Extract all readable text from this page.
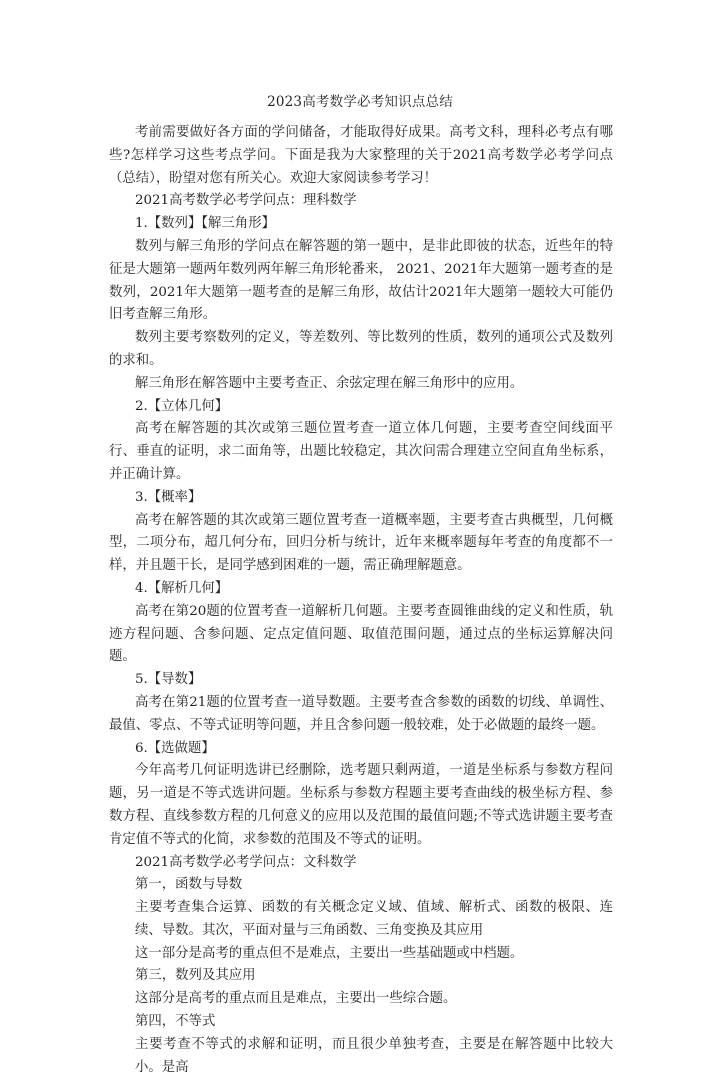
2023高考数学必考知识点总结

考前需要做好各方面的学问储备，才能取得好成果。高考文科，理科必考点有哪些?怎样学习这些考点学问。下面是我为大家整理的关于2021高考数学必考学问点（总结），盼望对您有所关心。欢迎大家阅读参考学习！

2021高考数学必考学问点：理科数学

1.【数列】【解三角形】

数列与解三角形的学问点在解答题的第一题中，是非此即彼的状态，近些年的特征是大题第一题两年数列两年解三角形轮番来， 2021、2021年大题第一题考查的是数列，2021年大题第一题考查的是解三角形，故估计2021年大题第一题较大可能仍旧考查解三角形。

数列主要考察数列的定义，等差数列、等比数列的性质，数列的通项公式及数列的求和。

解三角形在解答题中主要考查正、余弦定理在解三角形中的应用。

2.【立体几何】

高考在解答题的其次或第三题位置考查一道立体几何题，主要考查空间线面平行、垂直的证明，求二面角等，出题比较稳定，其次问需合理建立空间直角坐标系，并正确计算。

3.【概率】

高考在解答题的其次或第三题位置考查一道概率题，主要考查古典概型，几何概型，二项分布，超几何分布，回归分析与统计，近年来概率题每年考查的角度都不一样，并且题干长，是同学感到困难的一题，需正确理解题意。

4.【解析几何】

高考在第20题的位置考查一道解析几何题。主要考查圆锥曲线的定义和性质，轨迹方程问题、含参问题、定点定值问题、取值范围问题，通过点的坐标运算解决问题。

5.【导数】

高考在第21题的位置考查一道导数题。主要考查含参数的函数的切线、单调性、最值、零点、不等式证明等问题，并且含参问题一般较难，处于必做题的最终一题。

6.【选做题】

今年高考几何证明选讲已经删除，选考题只剩两道，一道是坐标系与参数方程问题，另一道是不等式选讲问题。坐标系与参数方程题主要考查曲线的极坐标方程、参数方程、直线参数方程的几何意义的应用以及范围的最值问题;不等式选讲题主要考查肯定值不等式的化简，求参数的范围及不等式的证明。

2021高考数学必考学问点：文科数学

第一，函数与导数

主要考查集合运算、函数的有关概念定义域、值域、解析式、函数的极限、连续、导数。其次，平面对量与三角函数、三角变换及其应用

这一部分是高考的重点但不是难点，主要出一些基础题或中档题。

第三，数列及其应用

这部分是高考的重点而且是难点，主要出一些综合题。

第四，不等式

主要考查不等式的求解和证明，而且很少单独考查，主要是在解答题中比较大小。是高
